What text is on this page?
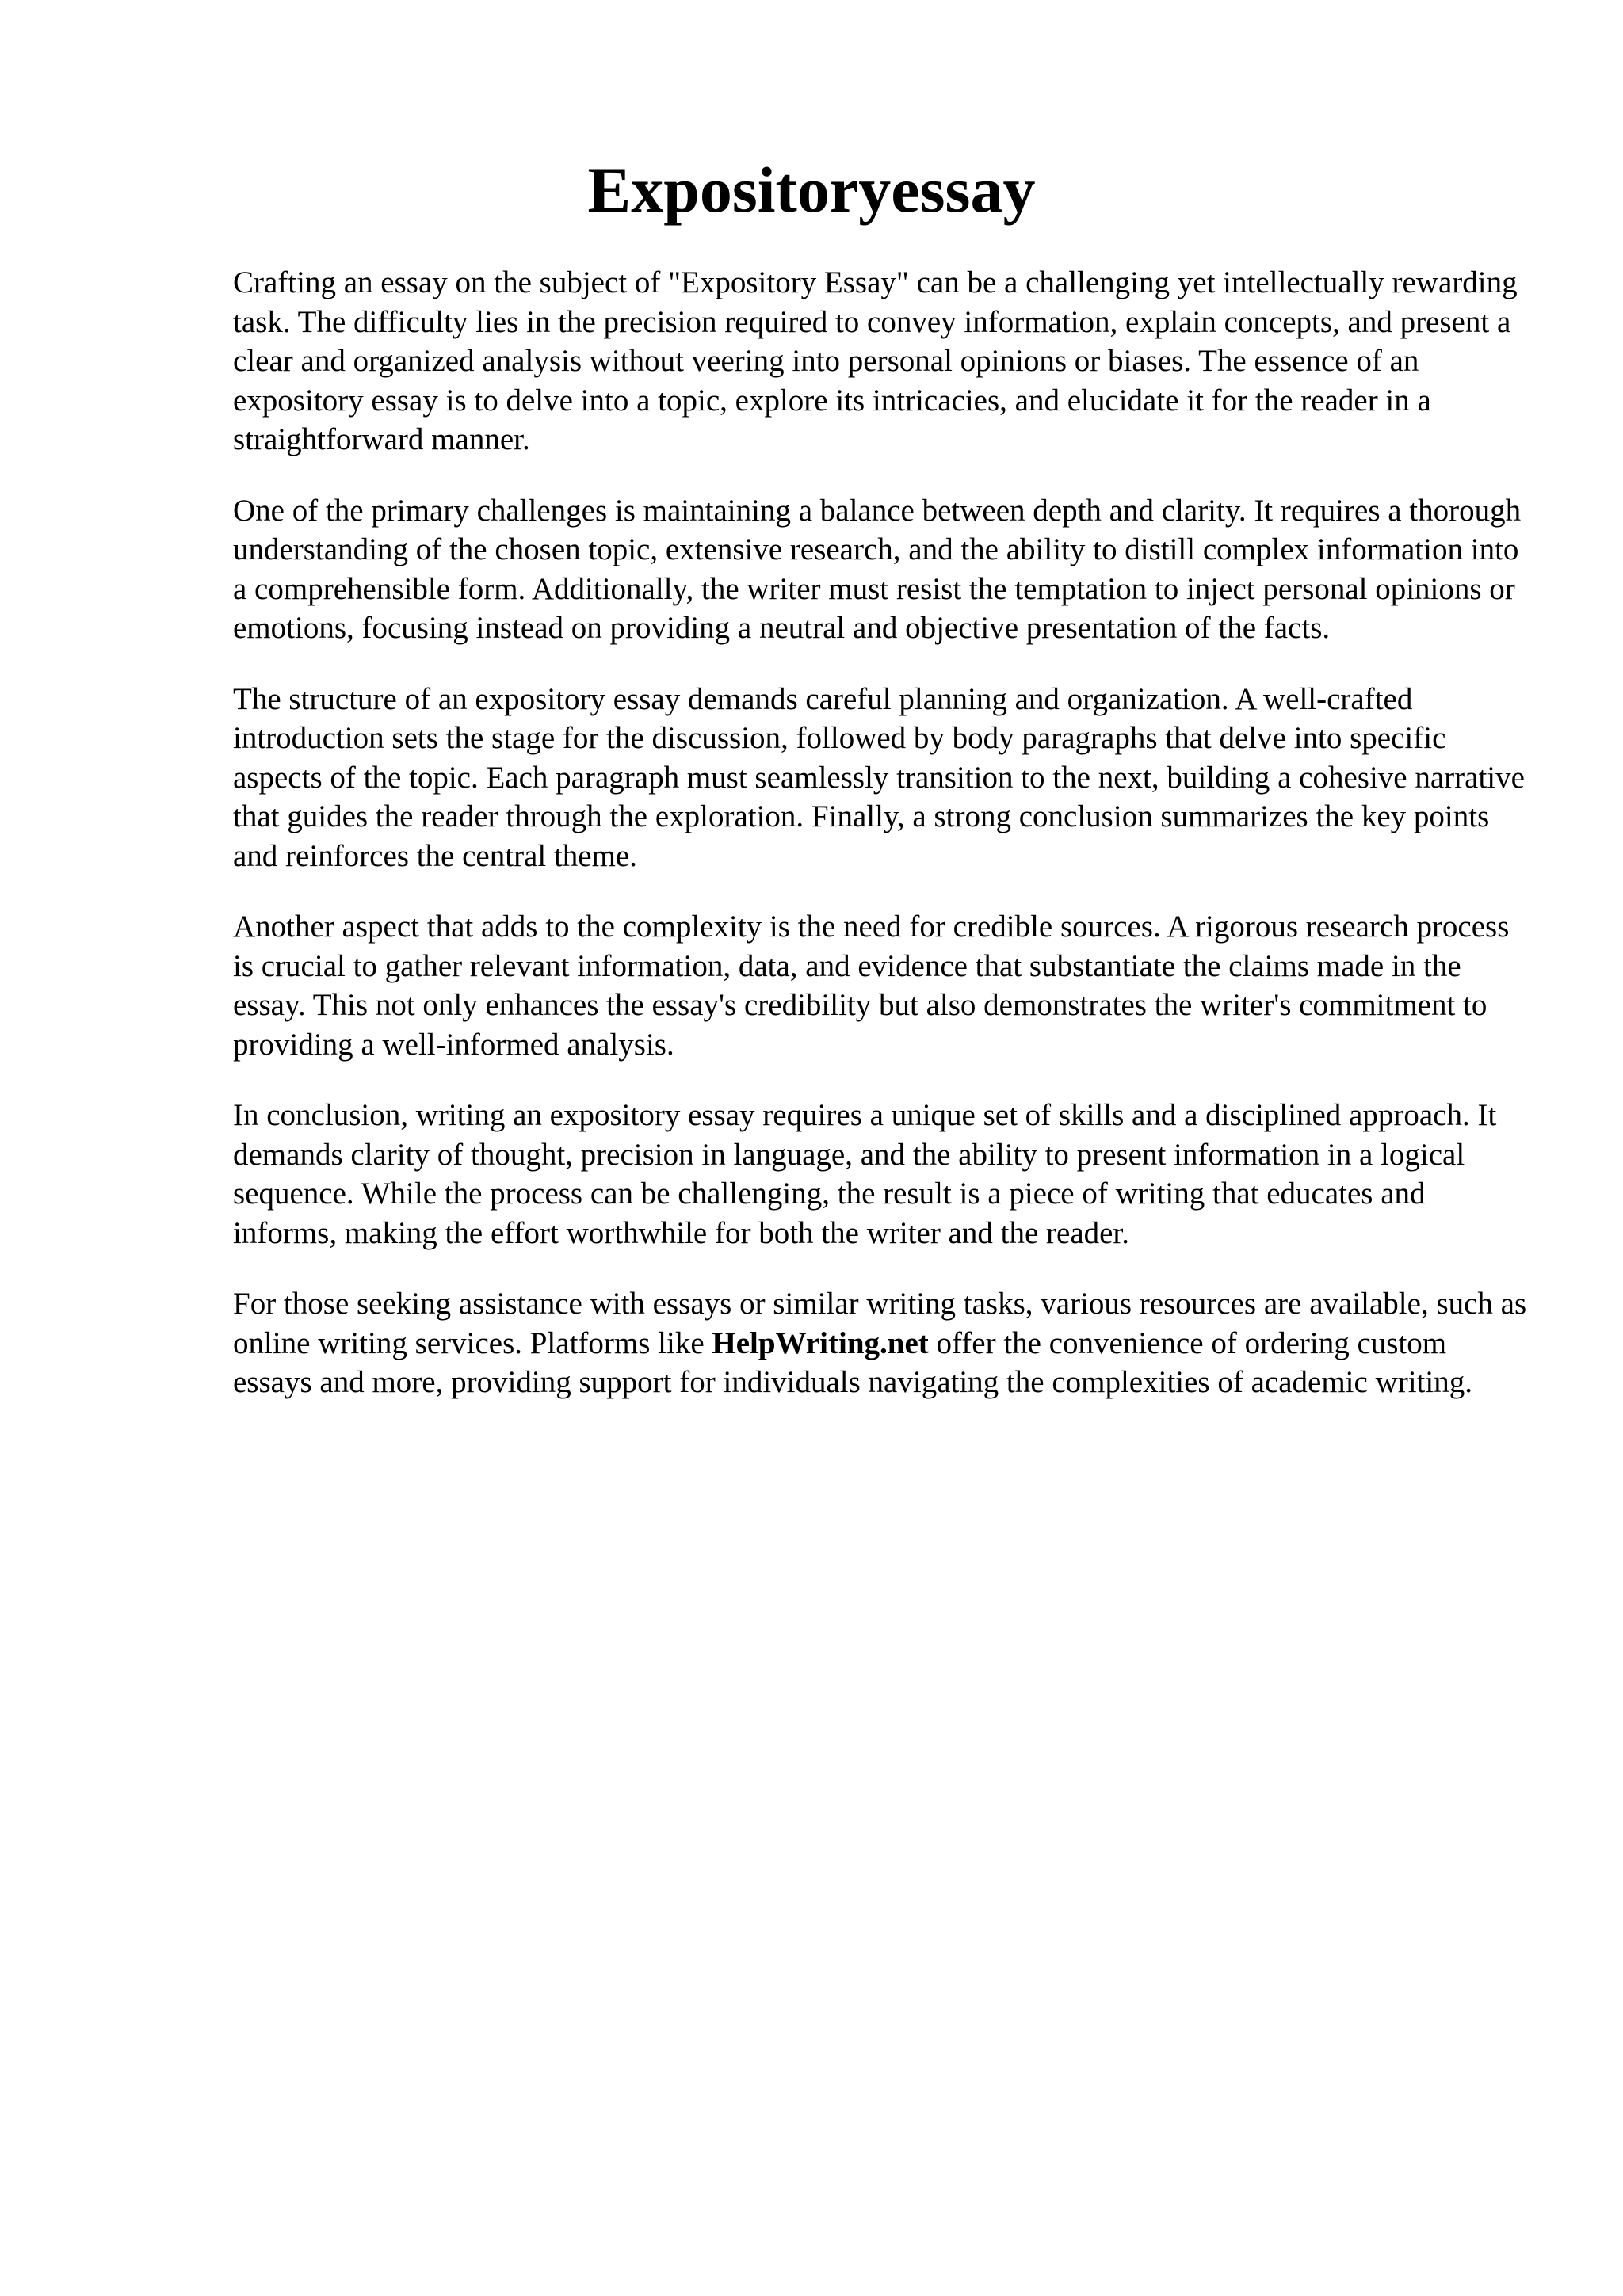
Expositoryessay

Crafting an essay on the subject of "Expository Essay" can be a challenging yet intellectually rewarding task. The difficulty lies in the precision required to convey information, explain concepts, and present a clear and organized analysis without veering into personal opinions or biases. The essence of an expository essay is to delve into a topic, explore its intricacies, and elucidate it for the reader in a straightforward manner.

One of the primary challenges is maintaining a balance between depth and clarity. It requires a thorough understanding of the chosen topic, extensive research, and the ability to distill complex information into a comprehensible form. Additionally, the writer must resist the temptation to inject personal opinions or emotions, focusing instead on providing a neutral and objective presentation of the facts.

The structure of an expository essay demands careful planning and organization. A well-crafted introduction sets the stage for the discussion, followed by body paragraphs that delve into specific aspects of the topic. Each paragraph must seamlessly transition to the next, building a cohesive narrative that guides the reader through the exploration. Finally, a strong conclusion summarizes the key points and reinforces the central theme.

Another aspect that adds to the complexity is the need for credible sources. A rigorous research process is crucial to gather relevant information, data, and evidence that substantiate the claims made in the essay. This not only enhances the essay's credibility but also demonstrates the writer's commitment to providing a well-informed analysis.

In conclusion, writing an expository essay requires a unique set of skills and a disciplined approach. It demands clarity of thought, precision in language, and the ability to present information in a logical sequence. While the process can be challenging, the result is a piece of writing that educates and informs, making the effort worthwhile for both the writer and the reader.

For those seeking assistance with essays or similar writing tasks, various resources are available, such as online writing services. Platforms like HelpWriting.net offer the convenience of ordering custom essays and more, providing support for individuals navigating the complexities of academic writing.
